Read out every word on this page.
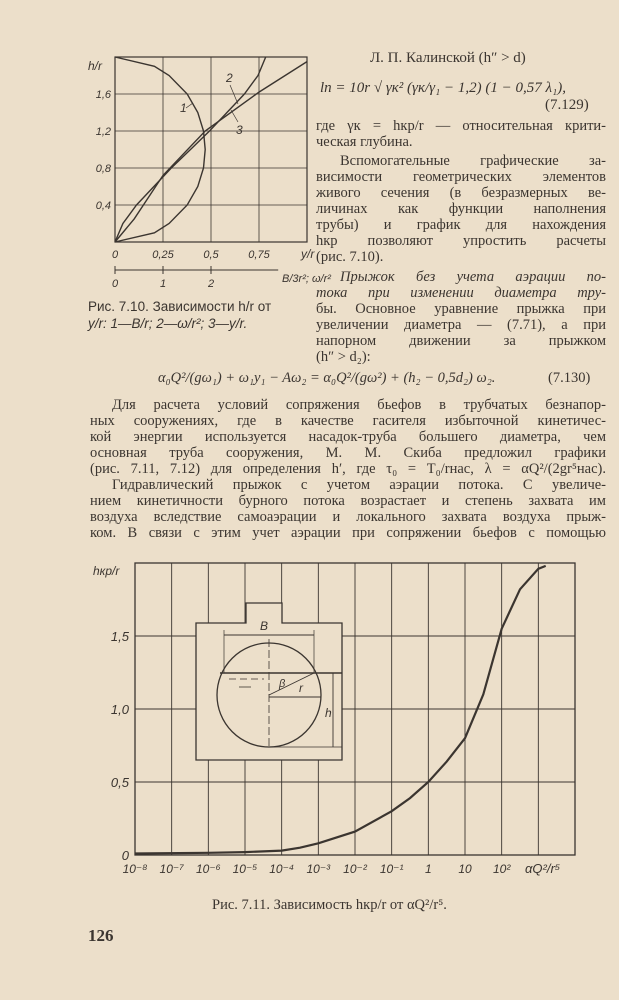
Л. П. Калинской (h″ > d)
lп = 10r √ γк² (γк/γ₁ − 1,2) (1 − 0,57 λ₁),
(7.129)
где γк = hкр/r — относительная крити-
ческая глубина.
Вспомогательные графические за-
висимости геометрических элементов
живого сечения (в безразмерных ве-
личинах как функции наполнения
трубы) и график для нахождения
hкр позволяют упростить расчеты
(рис. 7.10).
Прыжок без учета аэрации по-
тока при изменении диаметра тру-
бы. Основное уравнение прыжка при
увеличении диаметра — (7.71), а при
напорном движении за прыжком
(h″ > d₂):
0,4
0,8
1,2
1,6
0	0,25	0,5	0,75	y/r
h/r
0	1	2	B/3r²; ω/r²
1
2
3
Рис. 7.10. Зависимости h/r от
y/r: 1—B/r; 2—ω/r²; 3—y/r.
α₀Q²/(gω₁) + ω₁y₁ − Aω₂ = α₀Q²/(gω²) + (h₂ − 0,5d₂) ω₂.	(7.130)
Для расчета условий сопряжения бьефов в трубчатых безнапор-
ных сооружениях, где в качестве гасителя избыточной кинетичес-
кой энергии используется насадок-труба большего диаметра, чем
основная труба сооружения, М. М. Скиба предложил графики
(рис. 7.11, 7.12) для определения h′, где τ₀ = T₀/rнас, λ = αQ²/(2gr⁵нас).
Гидравлический прыжок с учетом аэрации потока. С увеличе-
нием кинетичности бурного потока возрастает и степень захвата им
воздуха вследствие самоаэрации и локального захвата воздуха прыж-
ком. В связи с этим учет аэрации при сопряжении бьефов с помощью
0
0,5
1,0
1,5
10⁻⁸ 10⁻⁷ 10⁻⁶ 10⁻⁵ 10⁻⁴ 10⁻³ 10⁻² 10⁻¹ 1 10 10² αQ²/r⁵
hкр/r
B
β r
h
Рис. 7.11. Зависимость hкр/r от αQ²/r⁵.
126
